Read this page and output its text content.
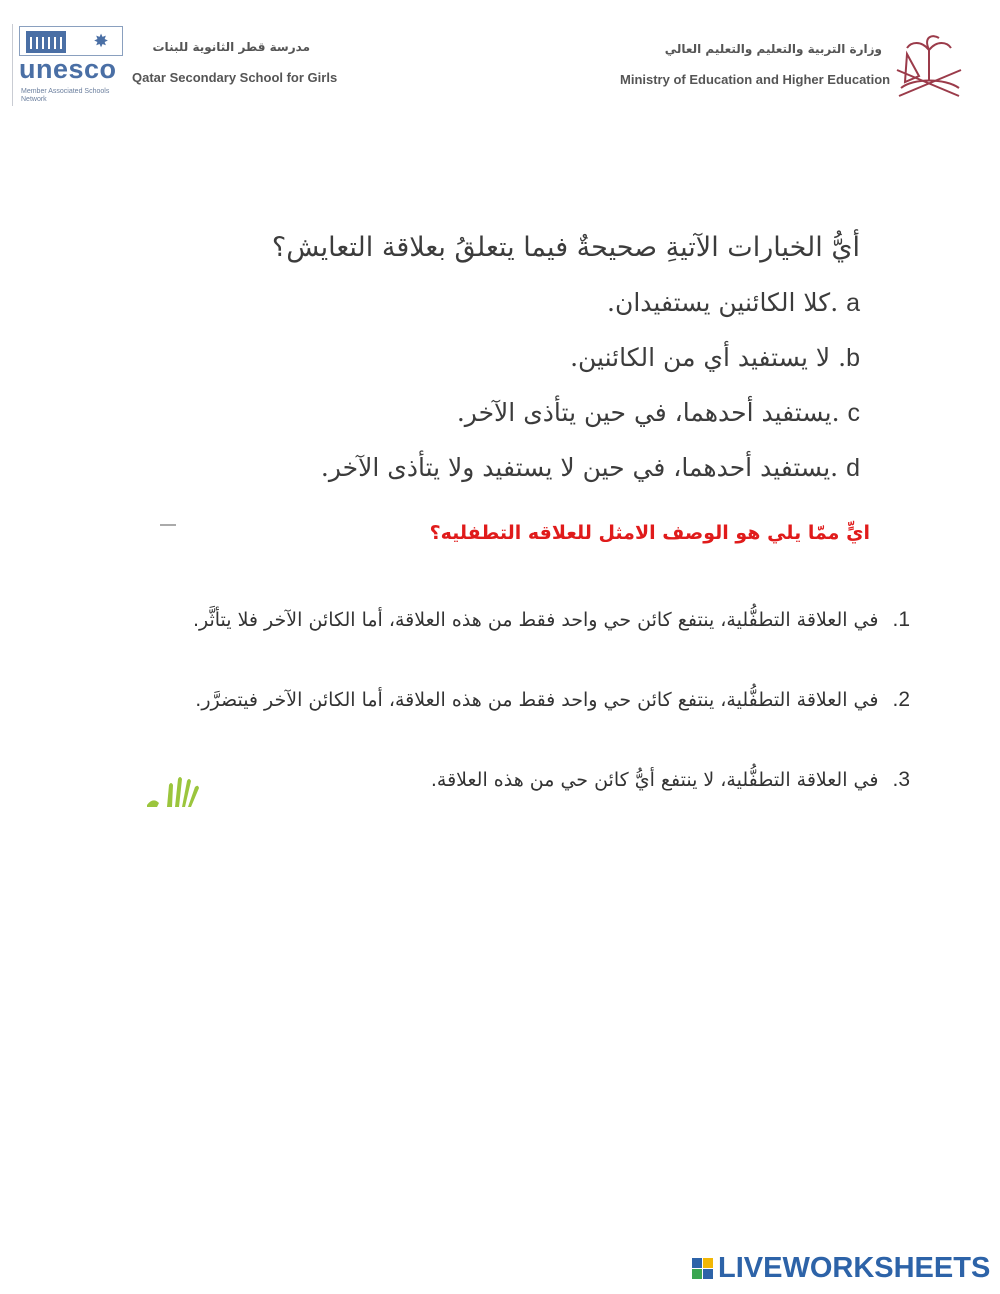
✸
unesco
Member Associated Schools Network
مدرسة قطر الثانوية للبنات
Qatar Secondary School for Girls
وزارة التربية والتعليم والتعليم العالي
Ministry of Education and Higher Education
أيُّ الخيارات الآتيةِ صحيحةٌ فيما يتعلقُ بعلاقة التعايش؟
a .كلا الكائنين يستفيدان.
b. لا يستفيد أي من الكائنين.
c .يستفيد أحدهما، في حين يتأذى الآخر.
d .يستفيد أحدهما، في حين لا يستفيد ولا يتأذى الآخر.
ايٍّ ممّا يلي هو الوصف الامثل للعلاقه التطفليه؟
1.في العلاقة التطفُّلية، ينتفع كائن حي واحد فقط من هذه العلاقة، أما الكائن الآخر فلا يتأثَّر.
2.في العلاقة التطفُّلية، ينتفع كائن حي واحد فقط من هذه العلاقة، أما الكائن الآخر فيتضرَّر.
3.في العلاقة التطفُّلية، لا ينتفع أيُّ كائن حي من هذه العلاقة.
LIVEWORKSHEETS
